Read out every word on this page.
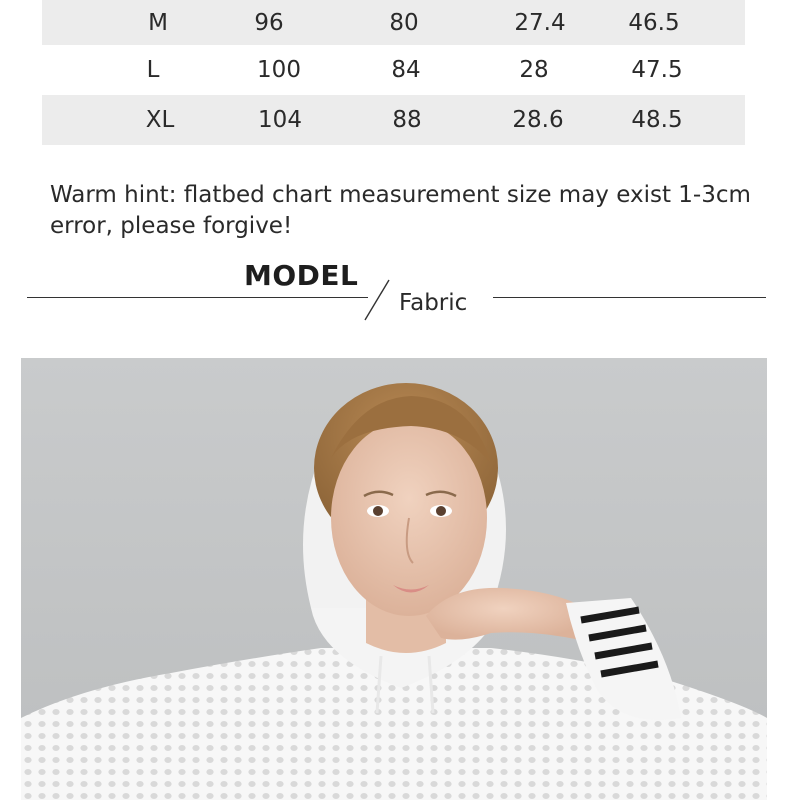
M	96	80	27.4	46.5
L	100	84	28	47.5
XL	104	88	28.6	48.5
Warm hint: flatbed chart measurement size may exist 1-3cm error, please forgive!
MODEL
Fabric
